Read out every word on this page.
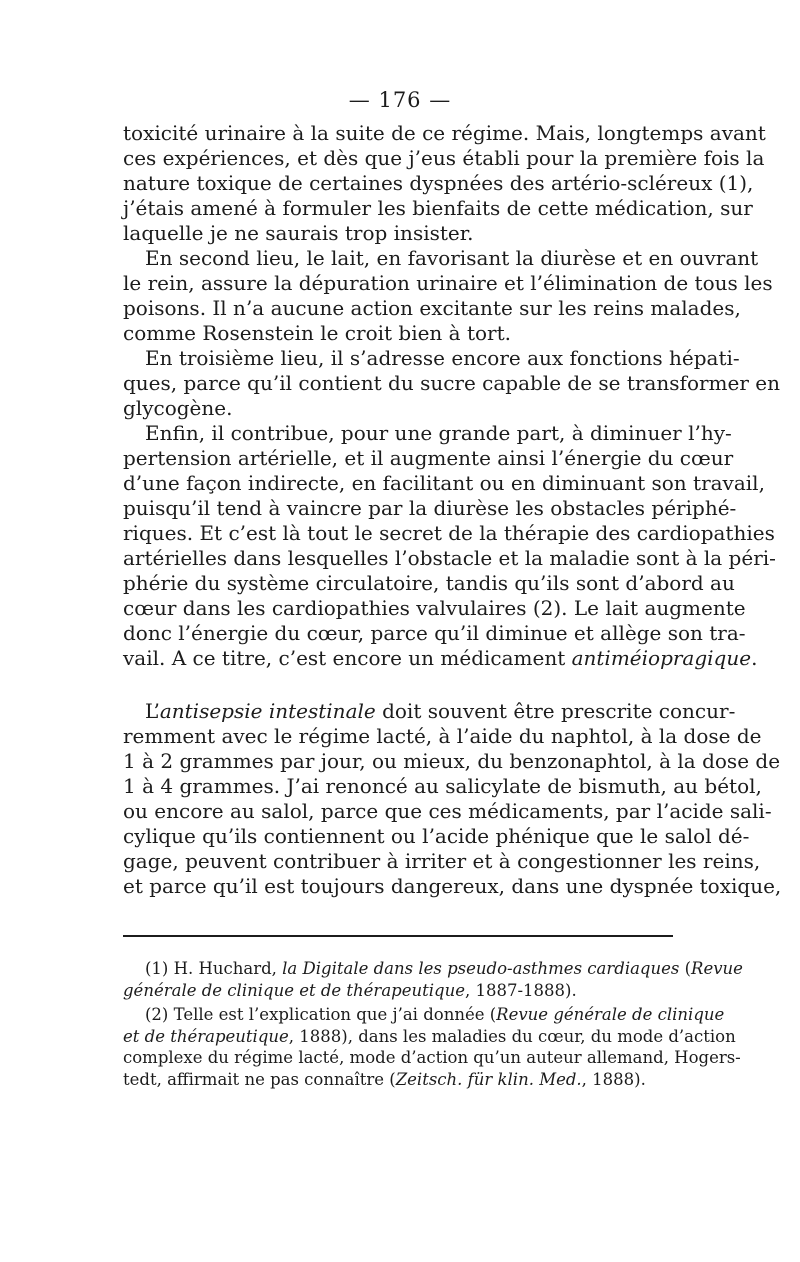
— 176 —
toxicité urinaire à la suite de ce régime. Mais, longtemps avant
ces expériences, et dès que j’eus établi pour la première fois la
nature toxique de certaines dyspnées des artério-scléreux (1),
j’étais amené à formuler les bienfaits de cette médication, sur
laquelle je ne saurais trop insister.
En second lieu, le lait, en favorisant la diurèse et en ouvrant
le rein, assure la dépuration urinaire et l’élimination de tous les
poisons. Il n’a aucune action excitante sur les reins malades,
comme Rosenstein le croit bien à tort.
En troisième lieu, il s’adresse encore aux fonctions hépati-
ques, parce qu’il contient du sucre capable de se transformer en
glycogène.
Enfin, il contribue, pour une grande part, à diminuer l’hy-
pertension artérielle, et il augmente ainsi l’énergie du cœur
d’une façon indirecte, en facilitant ou en diminuant son travail,
puisqu’il tend à vaincre par la diurèse les obstacles périphé-
riques. Et c’est là tout le secret de la thérapie des cardiopathies
artérielles dans lesquelles l’obstacle et la maladie sont à la péri-
phérie du système circulatoire, tandis qu’ils sont d’abord au
cœur dans les cardiopathies valvulaires (2). Le lait augmente
donc l’énergie du cœur, parce qu’il diminue et allège son tra-
vail. A ce titre, c’est encore un médicament antiméiopragique.
L’antisepsie intestinale doit souvent être prescrite concur-
remment avec le régime lacté, à l’aide du naphtol, à la dose de
1 à 2 grammes par jour, ou mieux, du benzonaphtol, à la dose de
1 à 4 grammes. J’ai renoncé au salicylate de bismuth, au bétol,
ou encore au salol, parce que ces médicaments, par l’acide sali-
cylique qu’ils contiennent ou l’acide phénique que le salol dé-
gage, peuvent contribuer à irriter et à congestionner les reins,
et parce qu’il est toujours dangereux, dans une dyspnée toxique,
(1) H. Huchard, la Digitale dans les pseudo-asthmes cardiaques (Revue
générale de clinique et de thérapeutique, 1887-1888).
(2) Telle est l’explication que j’ai donnée (Revue générale de clinique
et de thérapeutique, 1888), dans les maladies du cœur, du mode d’action
complexe du régime lacté, mode d’action qu’un auteur allemand, Hogers-
tedt, affirmait ne pas connaître (Zeitsch. für klin. Med., 1888).
